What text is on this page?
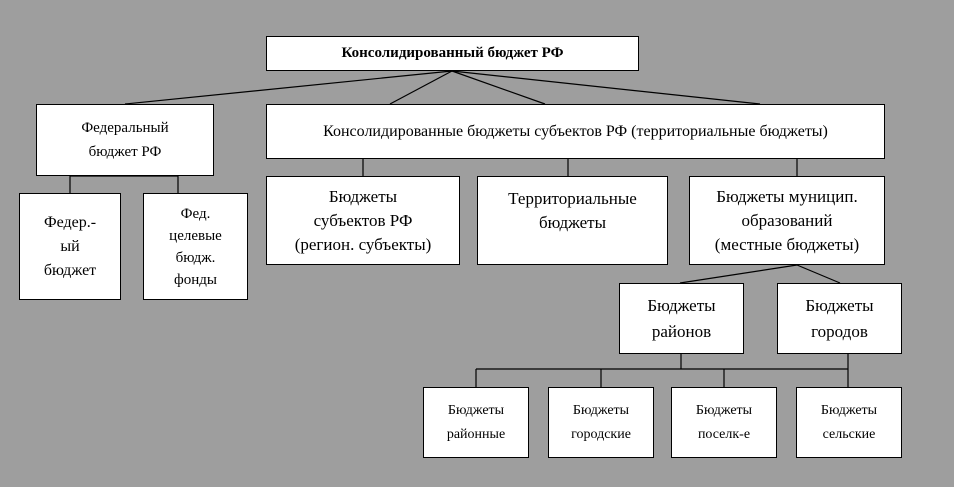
Консолидированный бюджет РФ
Федеральный
бюджет РФ
Консолидированные бюджеты субъектов РФ (территориальные бюджеты)
Федер.-
ый
бюджет
Фед.
целевые
бюдж.
фонды
Бюджеты
субъектов РФ
(регион. субъекты)
Территориальные
бюджеты
Бюджеты муницип.
образований
(местные бюджеты)
Бюджеты
районов
Бюджеты
городов
Бюджеты
районные
Бюджеты
городские
Бюджеты
поселк-е
Бюджеты
сельские
